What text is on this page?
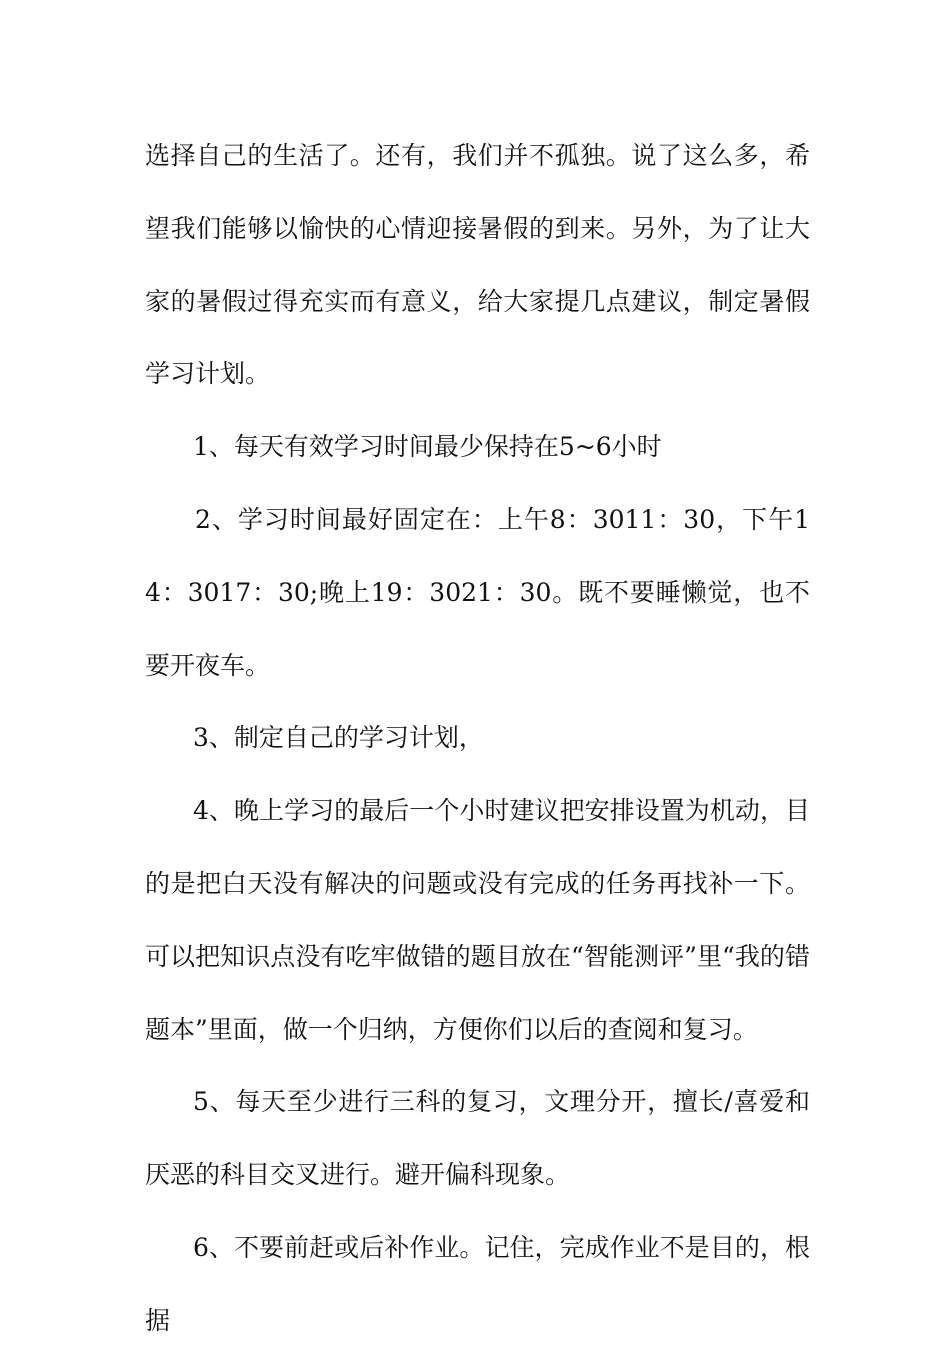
选择自己的生活了。还有，我们并不孤独。说了这么多，希望我们能够以愉快的心情迎接暑假的到来。另外，为了让大家的暑假过得充实而有意义，给大家提几点建议，制定暑假学习计划。

1、每天有效学习时间最少保持在5~6小时

2、学习时间最好固定在：上午8：3011：30，下午14：3017：30;晚上19：3021：30。既不要睡懒觉，也不要开夜车。

3、制定自己的学习计划，

4、晚上学习的最后一个小时建议把安排设置为机动，目的是把白天没有解决的问题或没有完成的任务再找补一下。可以把知识点没有吃牢做错的题目放在“智能测评”里“我的错题本”里面，做一个归纳，方便你们以后的查阅和复习。

5、每天至少进行三科的复习，文理分开，擅长/喜爱和厌恶的科目交叉进行。避开偏科现象。

6、不要前赶或后补作业。记住，完成作业不是目的，根据
